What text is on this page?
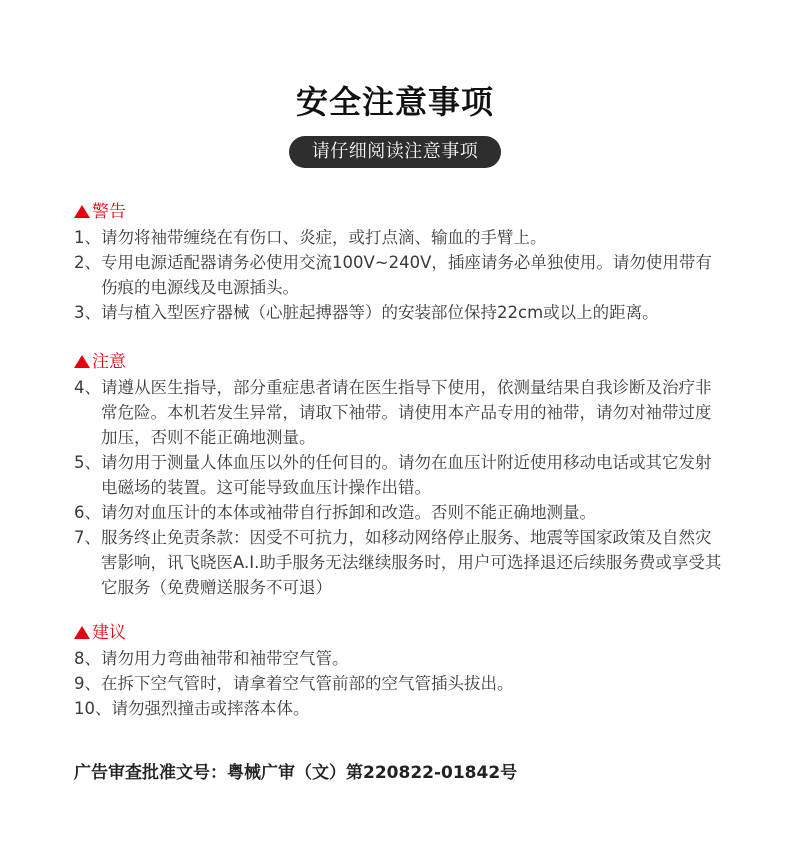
安全注意事项
请仔细阅读注意事项
警告
1、 请勿将袖带缠绕在有伤口、炎症，或打点滴、输血的手臂上。
2、 专用电源适配器请务必使用交流100V~240V，插座请务必单独使用。请勿使用带有伤痕的电源线及电源插头。
3、 请与植入型医疗器械（心脏起搏器等）的安装部位保持22cm或以上的距离。
注意
4、 请遵从医生指导，部分重症患者请在医生指导下使用，依测量结果自我诊断及治疗非常危险。本机若发生异常，请取下袖带。请使用本产品专用的袖带，请勿对袖带过度加压，否则不能正确地测量。
5、 请勿用于测量人体血压以外的任何目的。请勿在血压计附近使用移动电话或其它发射电磁场的装置。这可能导致血压计操作出错。
6、 请勿对血压计的本体或袖带自行拆卸和改造。否则不能正确地测量。
7、 服务终止免责条款：因受不可抗力，如移动网络停止服务、地震等国家政策及自然灾害影响，讯飞晓医A.I.助手服务无法继续服务时，用户可选择退还后续服务费或享受其它服务（免费赠送服务不可退）
建议
8、 请勿用力弯曲袖带和袖带空气管。
9、 在拆下空气管时，请拿着空气管前部的空气管插头拔出。
10、 请勿强烈撞击或摔落本体。
广告审查批准文号：粤械广审（文）第220822-01842号
